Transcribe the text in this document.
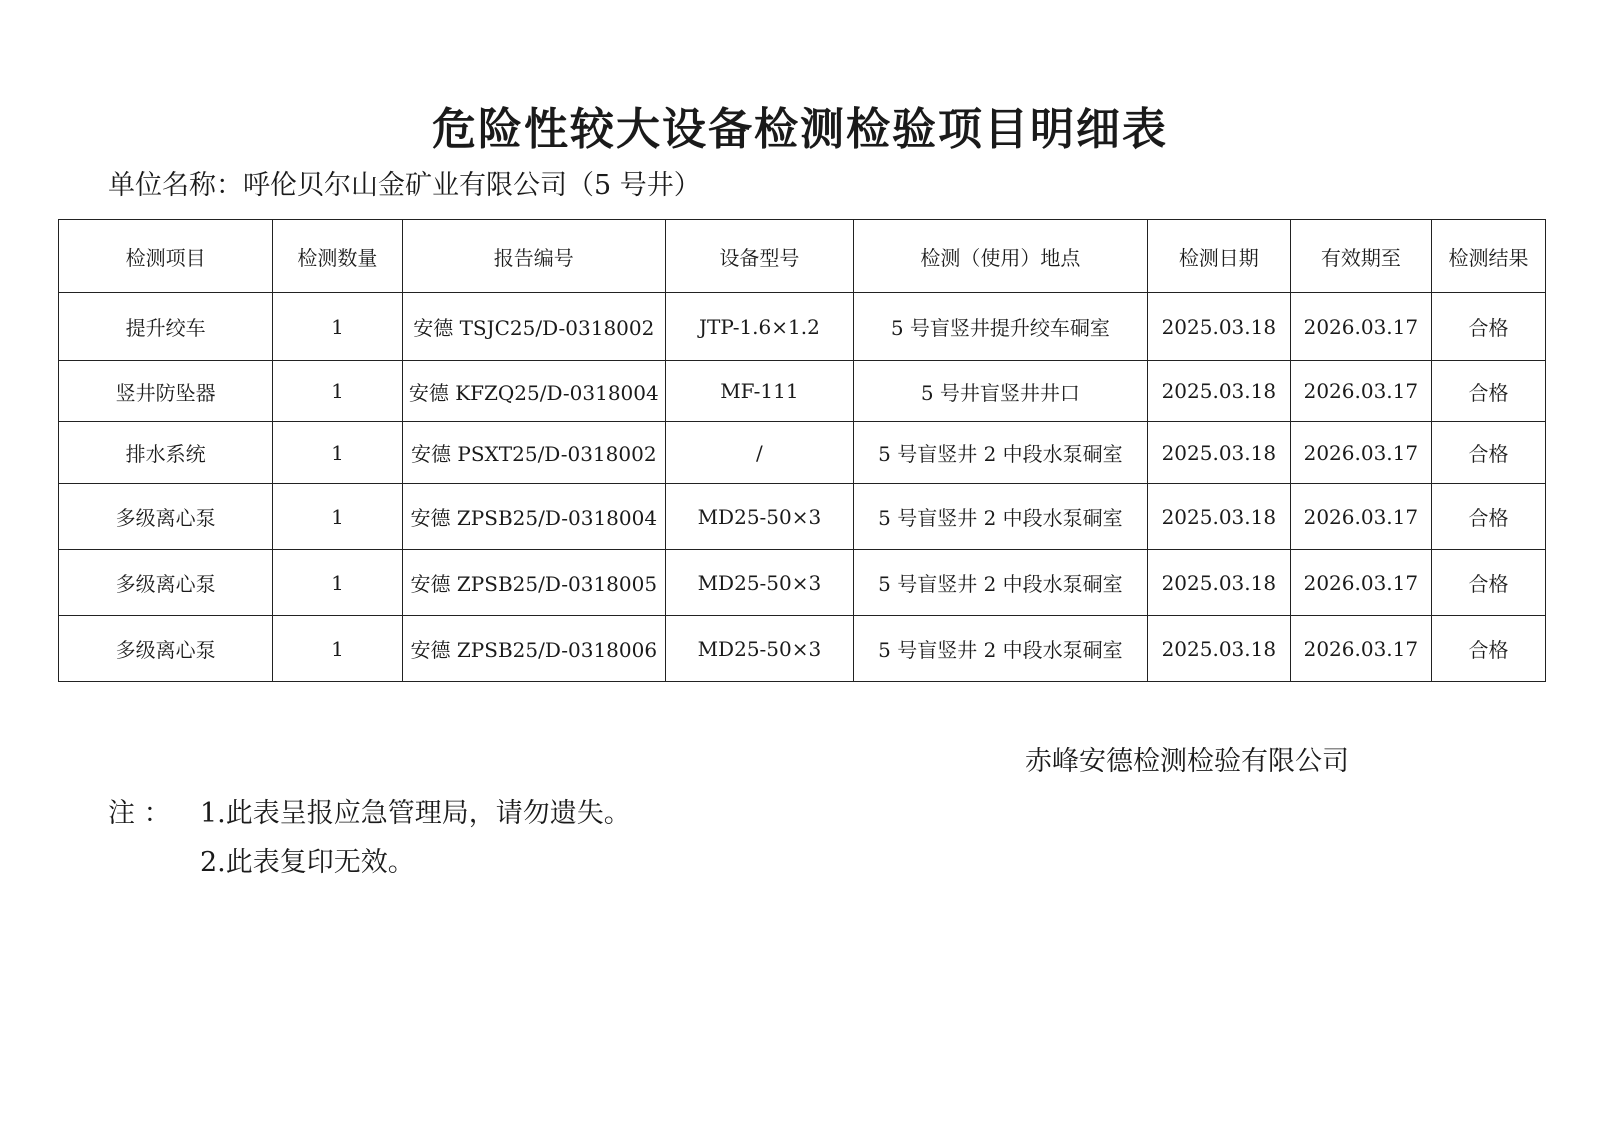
危险性较大设备检测检验项目明细表
单位名称：呼伦贝尔山金矿业有限公司（5 号井）
检测项目	检测数量	报告编号	设备型号	检测（使用）地点	检测日期	有效期至	检测结果
提升绞车	1	安德 TSJC25/D-0318002	JTP-1.6×1.2	5 号盲竖井提升绞车硐室	2025.03.18	2026.03.17	合格
竖井防坠器	1	安德 KFZQ25/D-0318004	MF-111	5 号井盲竖井井口	2025.03.18	2026.03.17	合格
排水系统	1	安德 PSXT25/D-0318002	/	5 号盲竖井 2 中段水泵硐室	2025.03.18	2026.03.17	合格
多级离心泵	1	安德 ZPSB25/D-0318004	MD25-50×3	5 号盲竖井 2 中段水泵硐室	2025.03.18	2026.03.17	合格
多级离心泵	1	安德 ZPSB25/D-0318005	MD25-50×3	5 号盲竖井 2 中段水泵硐室	2025.03.18	2026.03.17	合格
多级离心泵	1	安德 ZPSB25/D-0318006	MD25-50×3	5 号盲竖井 2 中段水泵硐室	2025.03.18	2026.03.17	合格
赤峰安德检测检验有限公司
注 ： 1.此表呈报应急管理局，请勿遗失。
2.此表复印无效。
